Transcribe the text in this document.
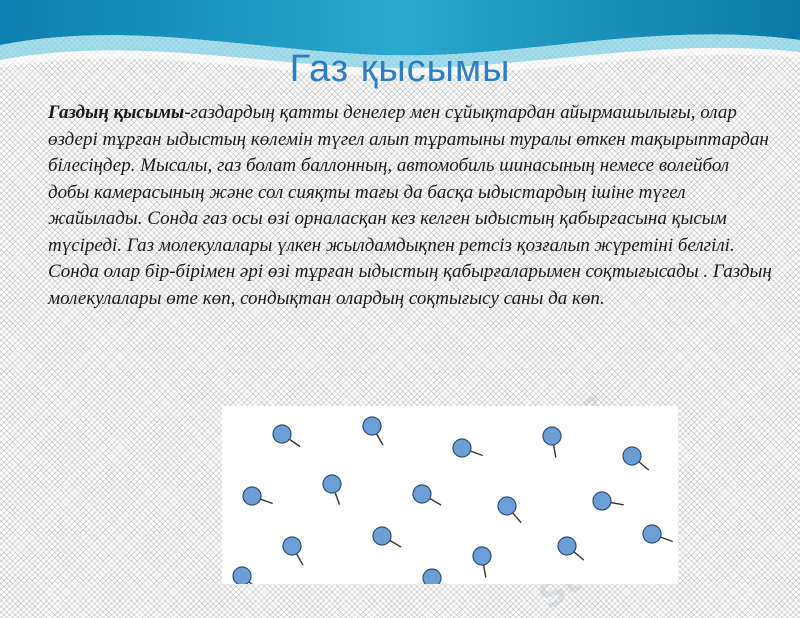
Газ қысымы
Газдың қысымы-газдардың қатты денелер мен сұйықтардан айырмашылығы, олар өздері тұрған ыдыстың көлемін түгел алып тұратыны туралы өткен тақырыптардан білесіңдер. Мысалы, газ болат баллонның, автомобиль шинасының немесе волейбол добы камерасының және сол сияқты тағы да басқа ыдыстардың ішіне түгел жайылады. Сонда газ осы өзі орналасқан кез келген ыдыстың қабырғасына қысым түсіреді. Газ молекулалары үлкен жылдамдықпен ретсіз қозғалып жүретіні белгілі. Сонда олар бір-бірімен әрі өзі тұрған ыдыстың қабырғаларымен соқтығысады . Газдың молекулалары өте көп, сондықтан олардың соқтығысу саны да көп.
